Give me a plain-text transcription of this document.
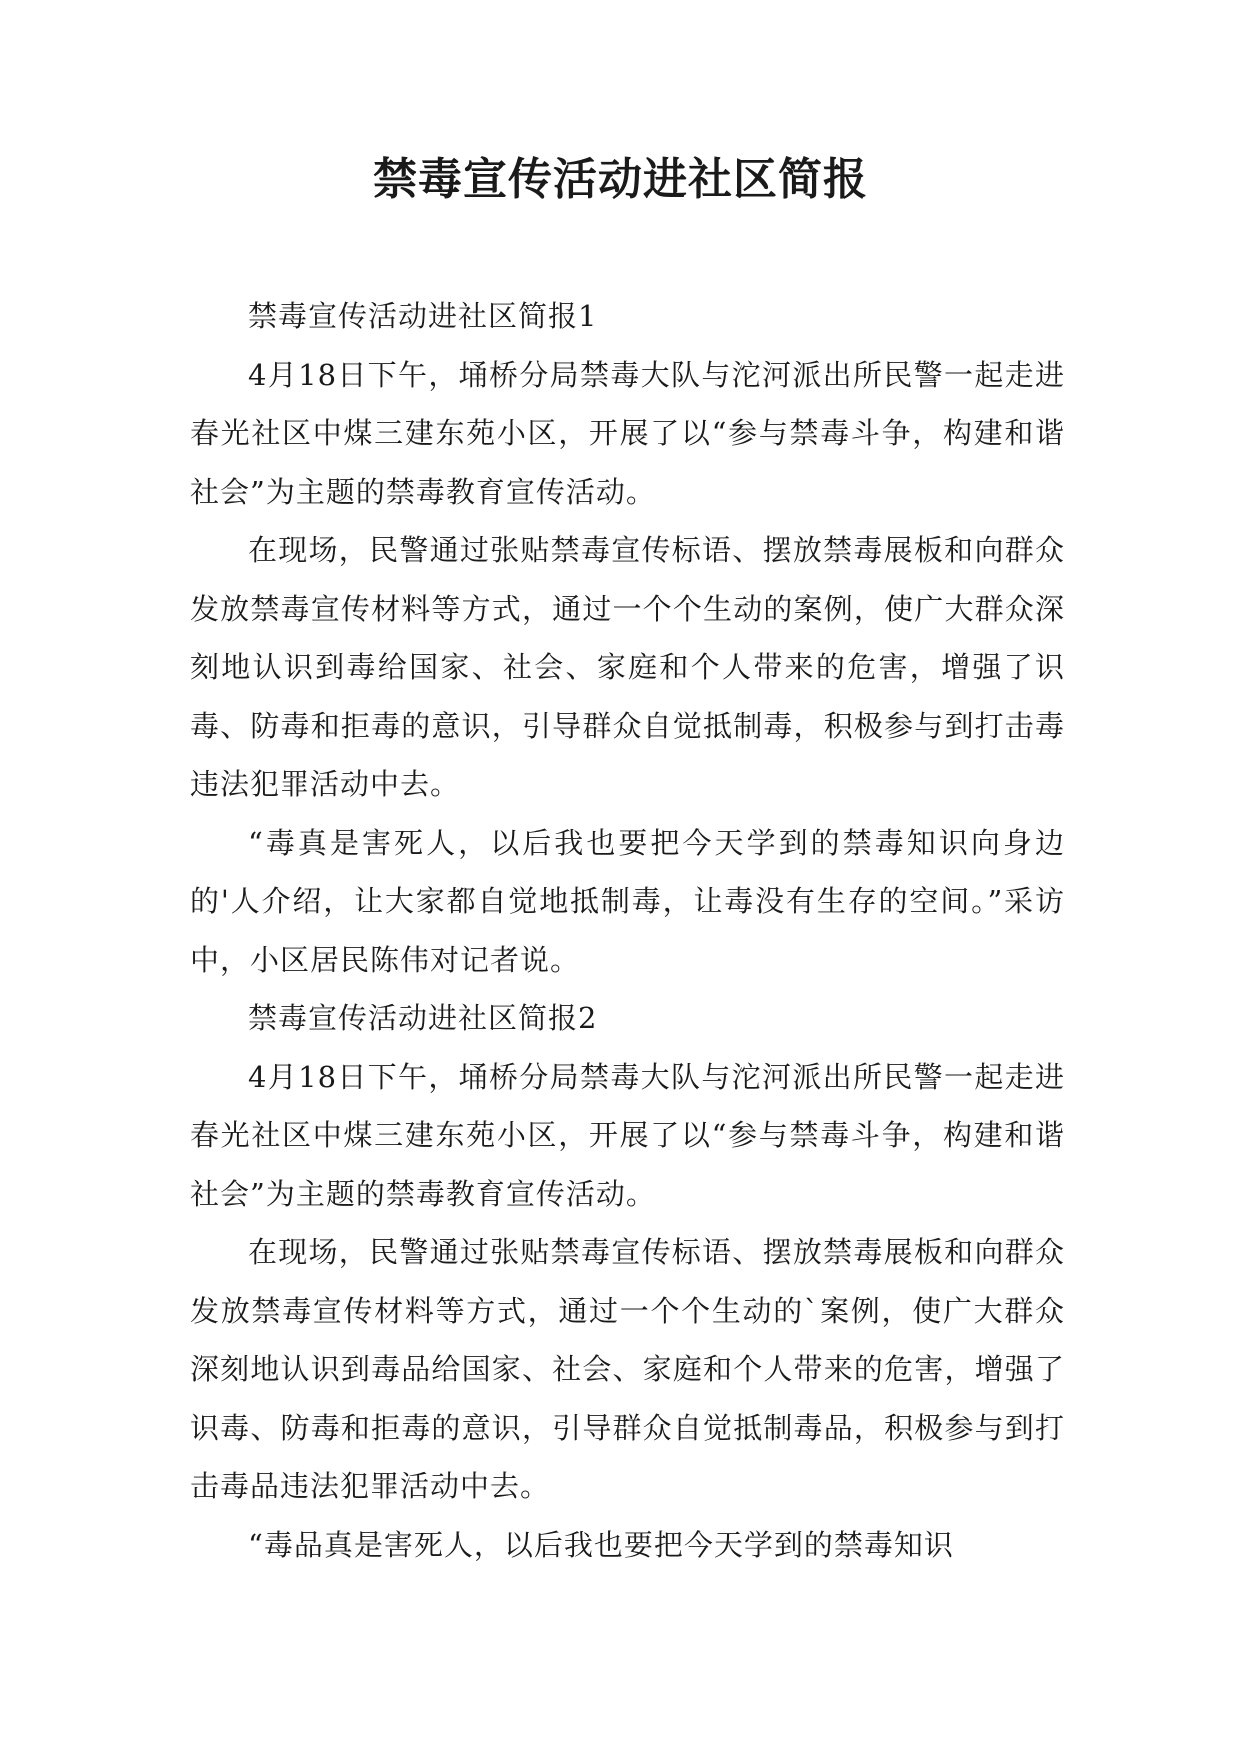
禁毒宣传活动进社区简报

禁毒宣传活动进社区简报1

4月18日下午，埇桥分局禁毒大队与沱河派出所民警一起走进春光社区中煤三建东苑小区，开展了以“参与禁毒斗争，构建和谐社会”为主题的禁毒教育宣传活动。

在现场，民警通过张贴禁毒宣传标语、摆放禁毒展板和向群众发放禁毒宣传材料等方式，通过一个个生动的案例，使广大群众深刻地认识到毒给国家、社会、家庭和个人带来的危害，增强了识毒、防毒和拒毒的意识，引导群众自觉抵制毒，积极参与到打击毒违法犯罪活动中去。

“毒真是害死人，以后我也要把今天学到的禁毒知识向身边的'人介绍，让大家都自觉地抵制毒，让毒没有生存的空间。”采访中，小区居民陈伟对记者说。

禁毒宣传活动进社区简报2

4月18日下午，埇桥分局禁毒大队与沱河派出所民警一起走进春光社区中煤三建东苑小区，开展了以“参与禁毒斗争，构建和谐社会”为主题的禁毒教育宣传活动。

在现场，民警通过张贴禁毒宣传标语、摆放禁毒展板和向群众发放禁毒宣传材料等方式，通过一个个生动的`案例，使广大群众深刻地认识到毒品给国家、社会、家庭和个人带来的危害，增强了识毒、防毒和拒毒的意识，引导群众自觉抵制毒品，积极参与到打击毒品违法犯罪活动中去。

“毒品真是害死人，以后我也要把今天学到的禁毒知识
